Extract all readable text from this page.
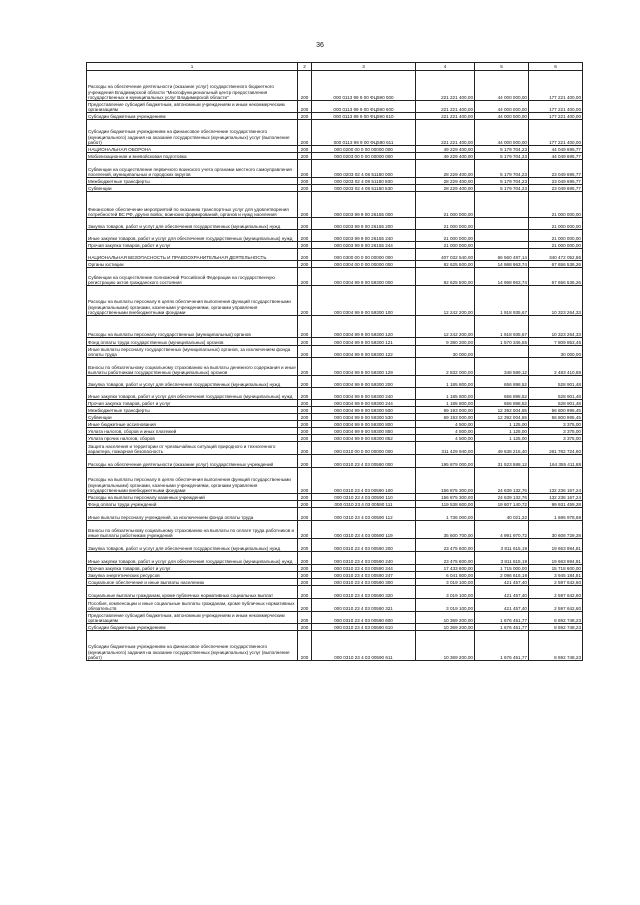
36
1	2	3	4	5	6
Расходы на обеспечение деятельности (оказание услуг) государственного бюджетного учреждения Владимирской области "Многофункциональный центр предоставления государственных и муниципальных услуг Владимирской области"	200	000 0113 99 9 00 ФЦ590 000	221 221 400,00	44 000 000,00	177 221 400,00
Предоставление субсидий бюджетным, автономным учреждениям и иным некоммерческим организациям	200	000 0113 99 9 00 ФЦ590 600	221 221 400,00	44 000 000,00	177 221 400,00
Субсидии бюджетным учреждениям	200	000 0113 99 9 00 ФЦ590 610	221 221 400,00	44 000 000,00	177 221 400,00
Субсидии бюджетным учреждениям на финансовое обеспечение государственного (муниципального) задания на оказание государственных (муниципальных) услуг (выполнение работ)	200	000 0113 99 9 00 ФЦ590 611	221 221 400,00	44 000 000,00	177 221 400,00
НАЦИОНАЛЬНАЯ ОБОРОНА	200	000 0200 00 0 00 00000 000	49 229 400,00	5 179 704,23	44 049 695,77
Мобилизационная и вневойсковая подготовка	200	000 0203 00 0 00 00000 000	49 229 400,00	5 179 704,23	44 049 695,77
Субвенции на осуществление первичного воинского учета органами местного самоуправления поселений, муниципальных и городских округов	200	000 0203 02 4 08 51180 000	28 229 400,00	5 179 704,23	23 049 695,77
Межбюджетные трансферты	200	000 0203 02 4 08 51180 500	28 229 400,00	5 179 704,23	23 049 695,77
Субвенции	200	000 0203 02 4 08 51180 530	28 229 400,00	5 179 704,23	23 049 695,77
Финансовое обеспечение мероприятий по оказанию транспортных услуг для удовлетворения потребностей ВС РФ, других войск, воинских формирований, органов и нужд населения	200	000 0203 99 9 00 26155 000	21 000 000,00		21 000 000,00
Закупка товаров, работ и услуг для обеспечения государственных (муниципальных) нужд	200	000 0203 99 9 00 26155 200	21 000 000,00		21 000 000,00
Иные закупки товаров, работ и услуг для обеспечения государственных (муниципальных) нужд	200	000 0203 99 9 00 26155 240	21 000 000,00		21 000 000,00
Прочая закупка товаров, работ и услуг	200	000 0203 99 9 00 26155 244	21 000 000,00		21 000 000,00
НАЦИОНАЛЬНАЯ БЕЗОПАСНОСТЬ И ПРАВООХРАНИТЕЛЬНАЯ ДЕЯТЕЛЬНОСТЬ	200	000 0300 00 0 00 00000 000	407 032 540,00	66 560 487,14	340 472 052,86
Органы юстиции	200	000 0304 00 0 00 00000 000	82 625 500,00	14 968 963,74	67 656 536,26
Субвенции на осуществление полномочий Российской Федерации на государственную регистрацию актов гражданского состояния	200	000 0304 99 9 00 59300 000	82 625 500,00	14 968 963,74	67 656 536,26
Расходы на выплаты персоналу в целях обеспечения выполнения функций государственными (муниципальными) органами, казенными учреждениями, органами управления государственными внебюджетными фондами	200	000 0304 99 9 00 59300 100	12 242 200,00	1 918 935,67	10 323 264,33
Расходы на выплаты персоналу государственных (муниципальных) органов	200	000 0304 99 9 00 59300 120	12 242 200,00	1 918 935,67	10 323 264,33
Фонд оплаты труда государственных (муниципальных) органов	200	000 0304 99 9 00 59300 121	9 380 200,00	1 570 346,55	7 809 853,45
Иные выплаты персоналу государственных (муниципальных) органов, за исключением фонда оплаты труда	200	000 0304 99 9 00 59300 122	30 000,00		30 000,00
Взносы по обязательному социальному страхованию на выплаты денежного содержания и иные выплаты работникам государственных (муниципальных) органов	200	000 0304 99 9 00 59300 129	2 832 000,00	348 589,12	2 483 410,88
Закупка товаров, работ и услуг для обеспечения государственных (муниципальных) нужд	200	000 0304 99 9 00 59300 200	1 185 800,00	656 898,52	528 901,48
Иные закупки товаров, работ и услуг для обеспечения государственных (муниципальных) нужд	200	000 0304 99 9 00 59300 240	1 185 800,00	656 898,52	528 901,48
Прочая закупка товаров, работ и услуг	200	000 0304 99 9 00 59300 244	1 185 800,00	656 898,52	528 901,48
Межбюджетные трансферты	200	000 0304 99 9 00 59300 500	69 193 000,00	12 392 004,55	56 800 995,45
Субвенции	200	000 0304 99 9 00 59300 530	69 193 000,00	12 392 004,55	56 800 995,45
Иные бюджетные ассигнования	200	000 0304 99 9 00 59300 800	4 500,00	1 125,00	3 375,00
Уплата налогов, сборов и иных платежей	200	000 0304 99 9 00 59300 850	4 500,00	1 125,00	3 375,00
Уплата прочих налогов, сборов	200	000 0304 99 9 00 59300 852	4 500,00	1 125,00	3 375,00
Защита населения и территории от чрезвычайных ситуаций природного и техногенного характера, пожарная безопасность	200	000 0310 00 0 00 00000 000	311 429 940,00	49 638 215,40	261 782 724,60
Расходы на обеспечение деятельности (оказание услуг) государственных учреждений	200	000 0310 23 4 03 00590 000	195 879 000,00	31 523 588,12	164 355 411,88
Расходы на выплаты персоналу в целях обеспечения выполнения функций государственными (муниципальными) органами, казенными учреждениями, органами управления государственными внебюджетными фондами	200	000 0310 23 4 03 00590 100	156 875 300,00	24 639 132,76	132 236 167,24
Расходы на выплаты персоналу казенных учреждений	200	000 0310 23 4 03 00590 110	156 875 300,00	24 639 132,76	132 236 167,24
Фонд оплаты труда учреждений	200	000 0310 23 4 03 00590 111	119 538 600,00	19 607 140,72	99 931 459,28
Иные выплаты персоналу учреждений, за исключением фонда оплаты труда	200	000 0310 23 4 03 00590 112	1 736 000,00	40 021,32	1 695 978,68
Взносы по обязательному социальному страхованию на выплаты по оплате труда работников и иные выплаты работникам учреждений	200	000 0310 23 4 03 00590 119	35 600 700,00	4 991 970,72	30 608 729,28
Закупка товаров, работ и услуг для обеспечения государственных (муниципальных) нужд	200	000 0310 23 4 03 00590 200	23 475 600,00	3 811 615,19	19 663 984,81
Иные закупки товаров, работ и услуг для обеспечения государственных (муниципальных) нужд	200	000 0310 23 4 03 00590 240	23 475 600,00	3 811 615,19	19 663 984,81
Прочая закупка товаров, работ и услуг	200	000 0310 23 4 03 00590 244	17 433 600,00	1 715 000,00	15 718 600,00
Закупка энергетических ресурсов	200	000 0310 23 4 03 00590 247	6 041 800,00	2 096 615,19	3 945 184,81
Социальное обеспечение и иные выплаты населению	200	000 0310 23 4 03 00590 300	3 019 100,00	421 457,40	2 597 642,60
Социальные выплаты гражданам, кроме публичных нормативных социальных выплат	200	000 0310 23 4 03 00590 320	3 019 100,00	421 457,40	2 597 642,60
Пособия, компенсации и иные социальные выплаты гражданам, кроме публичных нормативных обязательств	200	000 0310 23 4 03 00590 321	3 019 100,00	421 457,40	2 597 642,60
Предоставление субсидий бюджетным, автономным учреждениям и иным некоммерческим организациям	200	000 0310 23 4 03 00590 600	10 369 200,00	1 676 451,77	8 692 748,23
Субсидии бюджетным учреждениям	200	000 0310 23 4 03 00590 610	10 369 200,00	1 676 451,77	8 692 748,23
Субсидии бюджетным учреждениям на финансовое обеспечение государственного (муниципального) задания на оказание государственных (муниципальных) услуг (выполнение работ)	200	000 0310 23 4 03 00590 611	10 369 200,00	1 676 451,77	8 692 748,23
